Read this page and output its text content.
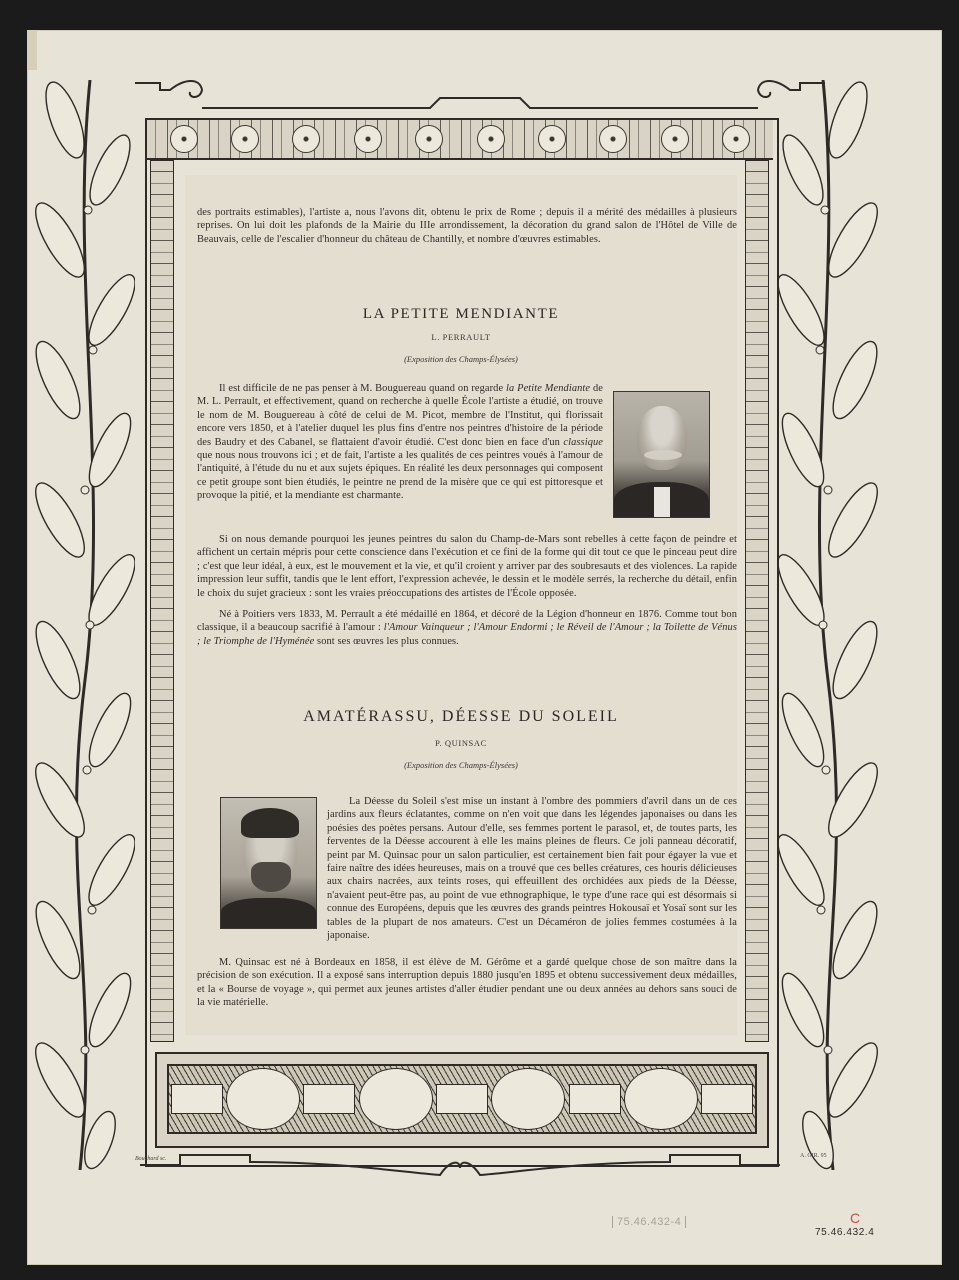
des portraits estimables), l'artiste a, nous l'avons dit, obtenu le prix de Rome ; depuis il a mérité des médailles à plusieurs reprises. On lui doit les plafonds de la Mairie du IIIe arrondissement, la décoration du grand salon de l'Hôtel de Ville de Beauvais, celle de l'escalier d'honneur du château de Chantilly, et nombre d'œuvres estimables.

LA PETITE MENDIANTE
L. PERRAULT
(Exposition des Champs-Élysées)

Il est difficile de ne pas penser à M. Bouguereau quand on regarde la Petite Mendiante de M. L. Perrault, et effectivement, quand on recherche à quelle École l'artiste a étudié, on trouve le nom de M. Bouguereau à côté de celui de M. Picot, membre de l'Institut, qui florissait encore vers 1850, et à l'atelier duquel les plus fins d'entre nos peintres d'histoire de la période des Baudry et des Cabanel, se flattaient d'avoir étudié. C'est donc bien en face d'un classique que nous nous trouvons ici ; et de fait, l'artiste a les qualités de ces peintres voués à l'amour de l'antiquité, à l'étude du nu et aux sujets épiques. En réalité les deux personnages qui composent ce petit groupe sont bien étudiés, le peintre ne prend de la misère que ce qui est pittoresque et provoque la pitié, et la mendiante est charmante.

Si on nous demande pourquoi les jeunes peintres du salon du Champ-de-Mars sont rebelles à cette façon de peindre et affichent un certain mépris pour cette conscience dans l'exécution et ce fini de la forme qui dit tout ce que le pinceau peut dire ; c'est que leur idéal, à eux, est le mouvement et la vie, et qu'il croient y arriver par des soubresauts et des violences. La rapide impression leur suffit, tandis que le lent effort, l'expression achevée, le dessin et le modèle serrés, la recherche du détail, enfin le choix du sujet gracieux : sont les vraies préoccupations des artistes de l'École opposée.

Né à Poitiers vers 1833, M. Perrault a été médaillé en 1864, et décoré de la Légion d'honneur en 1876. Comme tout bon classique, il a beaucoup sacrifié à l'amour : l'Amour Vainqueur ; l'Amour Endormi ; le Réveil de l'Amour ; la Toilette de Vénus ; le Triomphe de l'Hyménée sont ses œuvres les plus connues.

AMATÉRASSU, DÉESSE DU SOLEIL
P. QUINSAC
(Exposition des Champs-Élysées)

La Déesse du Soleil s'est mise un instant à l'ombre des pommiers d'avril dans un de ces jardins aux fleurs éclatantes, comme on n'en voit que dans les légendes japonaises ou dans les poésies des poètes persans. Autour d'elle, ses femmes portent le parasol, et, de toutes parts, les ferventes de la Déesse accourent à elle les mains pleines de fleurs. Ce joli panneau décoratif, peint par M. Quinsac pour un salon particulier, est certainement bien fait pour égayer la vue et faire naître des idées heureuses, mais on a trouvé que ces belles créatures, ces houris délicieuses aux chairs nacrées, aux teints roses, qui effeuillent des orchidées aux pieds de la Déesse, n'avaient peut-être pas, au point de vue ethnographique, le type d'une race qui est désormais si connue des Européens, depuis que les œuvres des grands peintres Hokousaï et Yosaï sont sur les tables de la plupart de nos amateurs. C'est un Décaméron de jolies femmes costumées à la japonaise.

M. Quinsac est né à Bordeaux en 1858, il est élève de M. Gérôme et a gardé quelque chose de son maître dans la précision de son exécution. Il a exposé sans interruption depuis 1880 jusqu'en 1895 et obtenu successivement deux médailles, et la « Bourse de voyage », qui permet aux jeunes artistes d'aller étudier pendant une ou deux années au dehors sans souci de la vie matérielle.

Bouchard sc.	A. GIR. 95
75.46.432-4	C
75.46.432.4
